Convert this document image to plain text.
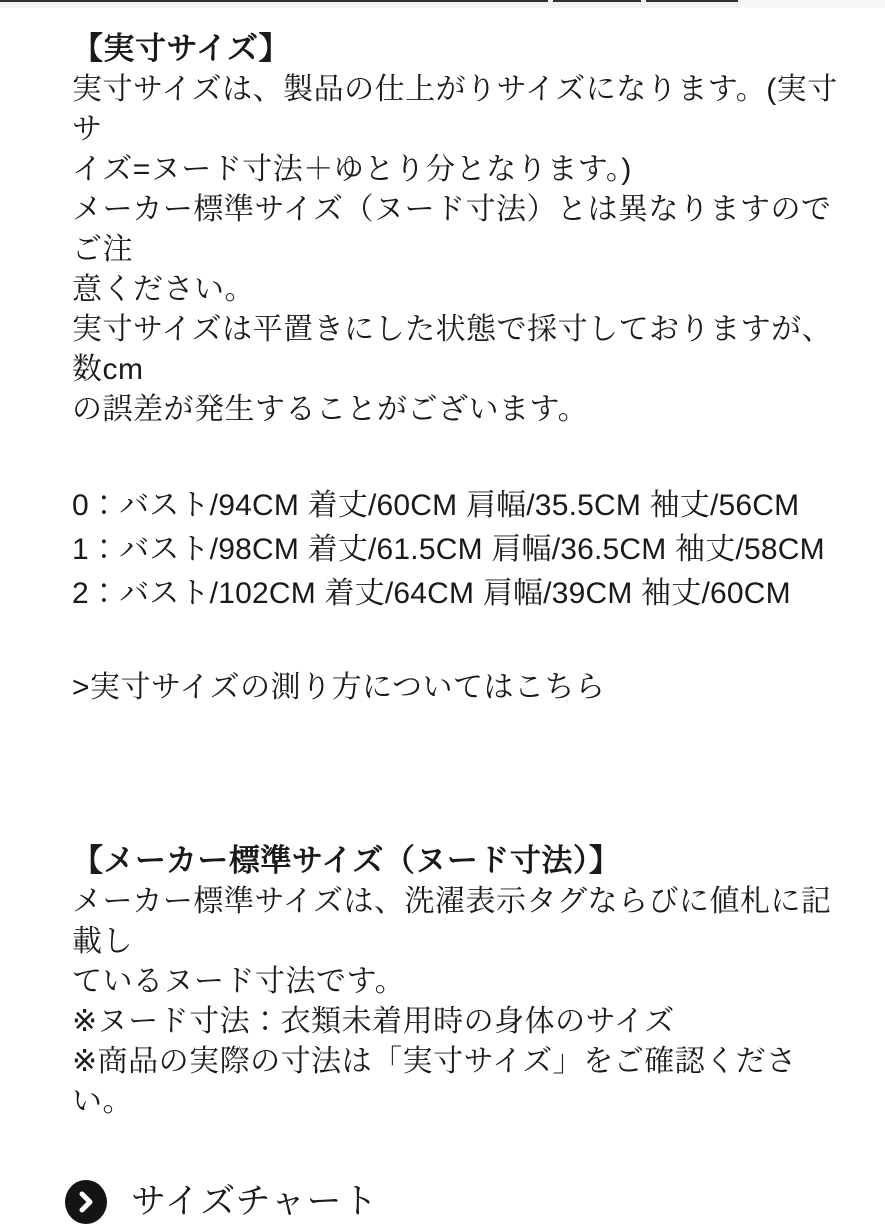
【実寸サイズ】
実寸サイズは、製品の仕上がりサイズになります。(実寸サ
イズ=ヌード寸法＋ゆとり分となります。)
メーカー標準サイズ（ヌード寸法）とは異なりますのでご注
意ください。
実寸サイズは平置きにした状態で採寸しておりますが、数cm
の誤差が発生することがございます。
0：バスト/94CM 着丈/60CM 肩幅/35.5CM 袖丈/56CM
1：バスト/98CM 着丈/61.5CM 肩幅/36.5CM 袖丈/58CM
2：バスト/102CM 着丈/64CM 肩幅/39CM 袖丈/60CM
>実寸サイズの測り方についてはこちら
【メーカー標準サイズ（ヌード寸法）】
メーカー標準サイズは、洗濯表示タグならびに値札に記載し
ているヌード寸法です。
※ヌード寸法：衣類未着用時の身体のサイズ
※商品の実際の寸法は「実寸サイズ」をご確認ください。
サイズチャート
